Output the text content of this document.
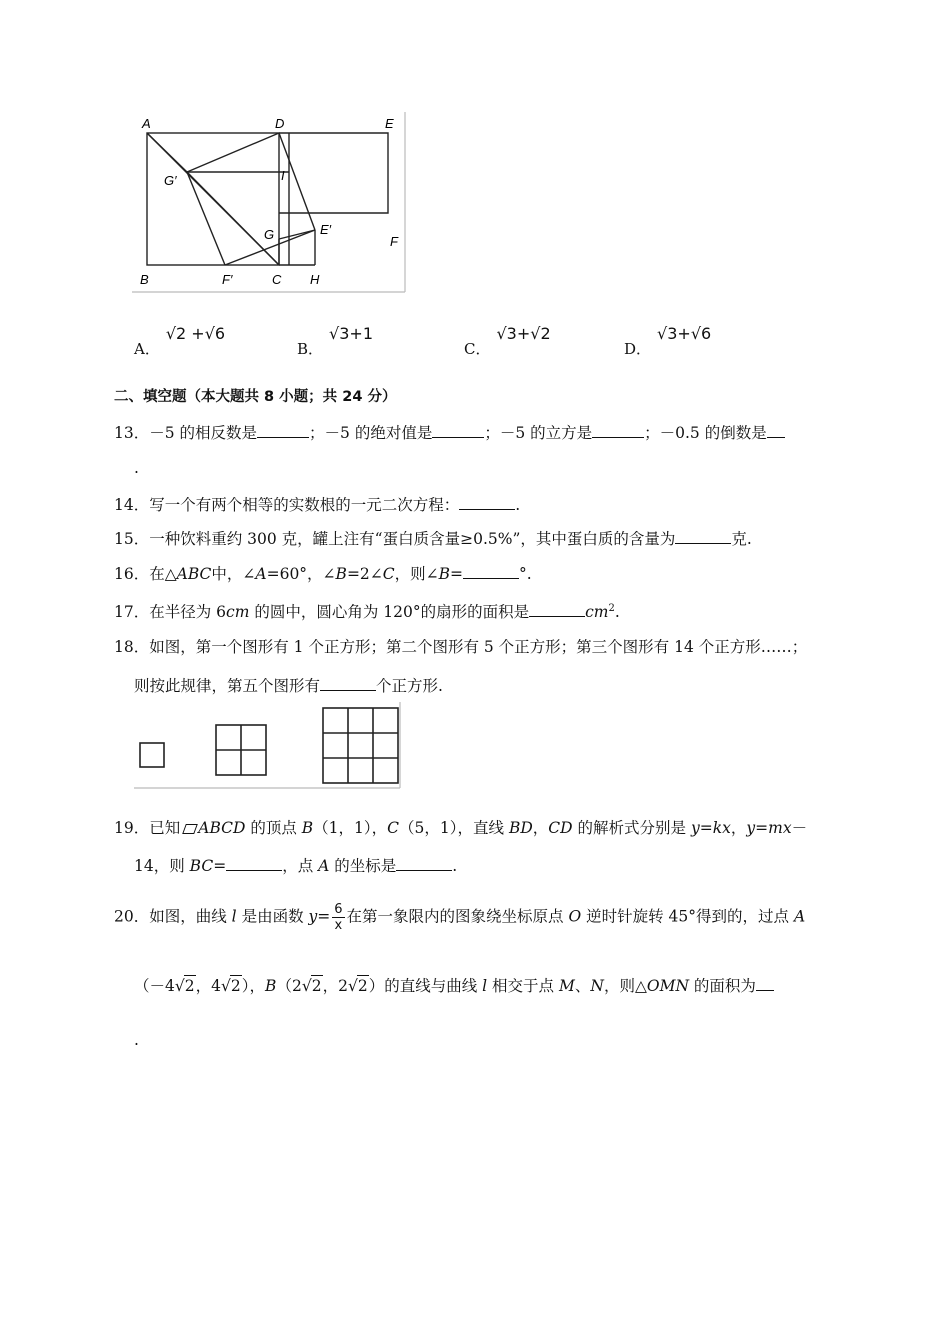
A	D	E
G′	I
G	E′
F
B	F′	C H
A．√2 +√6
B．√3+1
C．√3+√2
D．√3+√6
二、填空题（本大题共 8 小题；共 24 分）
13．－5 的相反数是	；－5 的绝对值是	；－5 的立方是	；－0.5 的倒数是
.
14．写一个有两个相等的实数根的一元二次方程：	.
15．一种饮料重约 300 克，罐上注有“蛋白质含量≥0.5%”，其中蛋白质的含量为	克.
16．在△ABC中，∠A=60°，∠B=2∠C，则∠B=	°.
17．在半径为 6cm 的圆中，圆心角为 120°的扇形的面积是	$cm^2$.
18．如图，第一个图形有 1 个正方形；第二个图形有 5 个正方形；第三个图形有 14 个正方形……；
则按此规律，第五个图形有	个正方形.
19．已知 ABCD 的顶点 B（1，1），C（5，1），直线 BD，CD 的解析式分别是 y=kx，y=mx－
14，则 BC=	，点 A 的坐标是	.
20．如图，曲线 l 是由函数 $y= \frac{6}{x}$ 在第一象限内的图象绕坐标原点 O 逆时针旋转 45°得到的，过点 A
（－4√2，4√2），B（2√2，2√2）的直线与曲线 l 相交于点 M、N，则△OMN 的面积为
.
